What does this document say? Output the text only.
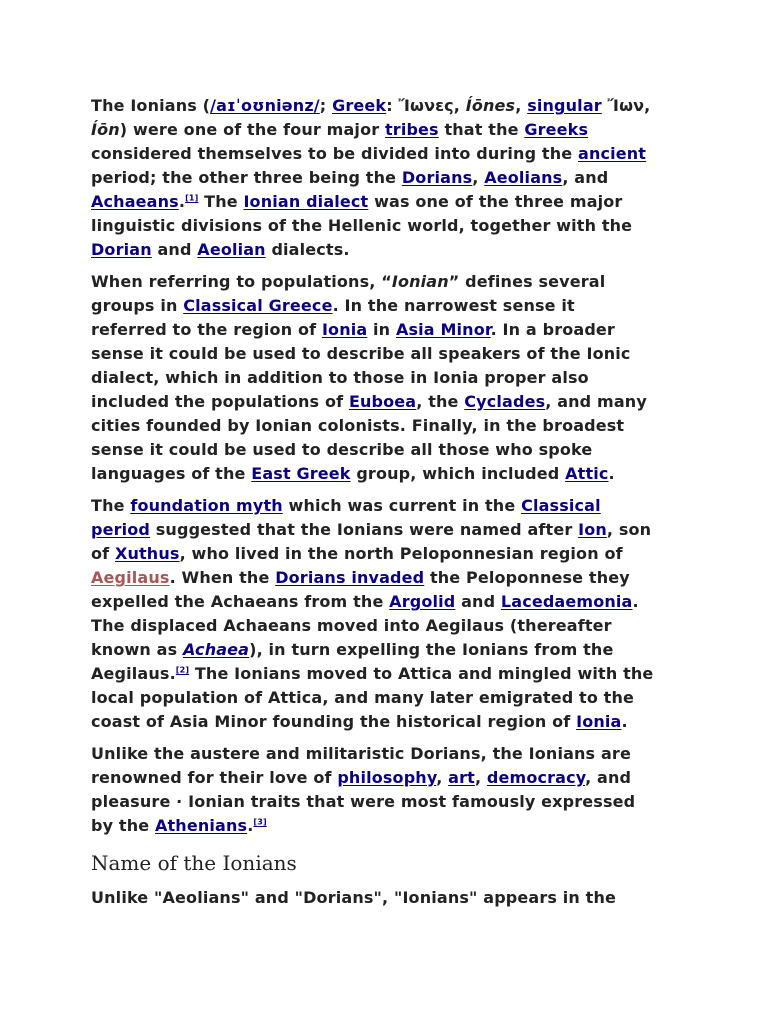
The Ionians (/aɪˈoʊniənz/; Greek: Ἴωνες, Íōnes, singular Ἴων,
Íōn) were one of the four major tribes that the Greeks
considered themselves to be divided into during the ancient
period; the other three being the Dorians, Aeolians, and
Achaeans.[1] The Ionian dialect was one of the three major
linguistic divisions of the Hellenic world, together with the
Dorian and Aeolian dialects.

When referring to populations, “Ionian” defines several
groups in Classical Greece. In the narrowest sense it
referred to the region of Ionia in Asia Minor. In a broader
sense it could be used to describe all speakers of the Ionic
dialect, which in addition to those in Ionia proper also
included the populations of Euboea, the Cyclades, and many
cities founded by Ionian colonists. Finally, in the broadest
sense it could be used to describe all those who spoke
languages of the East Greek group, which included Attic.

The foundation myth which was current in the Classical
period suggested that the Ionians were named after Ion, son
of Xuthus, who lived in the north Peloponnesian region of
Aegilaus. When the Dorians invaded the Peloponnese they
expelled the Achaeans from the Argolid and Lacedaemonia.
The displaced Achaeans moved into Aegilaus (thereafter
known as Achaea), in turn expelling the Ionians from the
Aegilaus.[2] The Ionians moved to Attica and mingled with the
local population of Attica, and many later emigrated to the
coast of Asia Minor founding the historical region of Ionia.

Unlike the austere and militaristic Dorians, the Ionians are
renowned for their love of philosophy, art, democracy, and
pleasure · Ionian traits that were most famously expressed
by the Athenians.[3]

Name of the Ionians

Unlike "Aeolians" and "Dorians", "Ionians" appears in the
